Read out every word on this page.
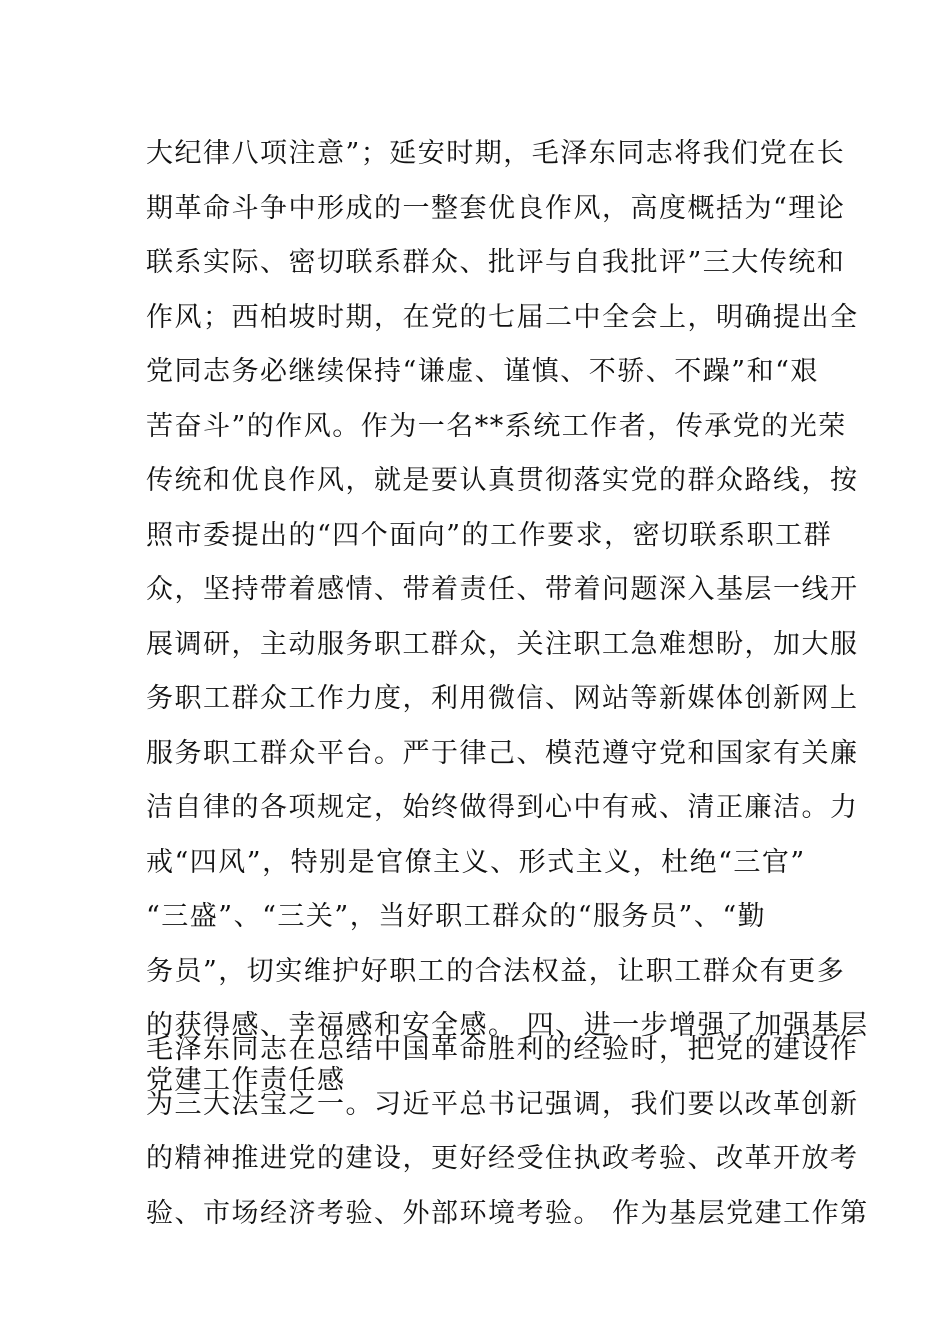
大纪律八项注意”；延安时期，毛泽东同志将我们党在长
期革命斗争中形成的一整套优良作风，高度概括为“理论
联系实际、密切联系群众、批评与自我批评”三大传统和
作风；西柏坡时期，在党的七届二中全会上，明确提出全
党同志务必继续保持“谦虚、谨慎、不骄、不躁”和“艰
苦奋斗”的作风。作为一名**系统工作者，传承党的光荣
传统和优良作风，就是要认真贯彻落实党的群众路线，按
照市委提出的“四个面向”的工作要求，密切联系职工群
众，坚持带着感情、带着责任、带着问题深入基层一线开
展调研，主动服务职工群众，关注职工急难想盼，加大服
务职工群众工作力度，利用微信、网站等新媒体创新网上
服务职工群众平台。严于律己、模范遵守党和国家有关廉
洁自律的各项规定，始终做得到心中有戒、清正廉洁。力
戒“四风”，特别是官僚主义、形式主义，杜绝“三官”
“三盛”、“三关”，当好职工群众的“服务员”、“勤
务员”，切实维护好职工的合法权益，让职工群众有更多
的获得感、幸福感和安全感。 四、进一步增强了加强基层
党建工作责任感
毛泽东同志在总结中国革命胜利的经验时，把党的建设作
为三大法宝之一。习近平总书记强调，我们要以改革创新
的精神推进党的建设，更好经受住执政考验、改革开放考
验、市场经济考验、外部环境考验。 作为基层党建工作第
